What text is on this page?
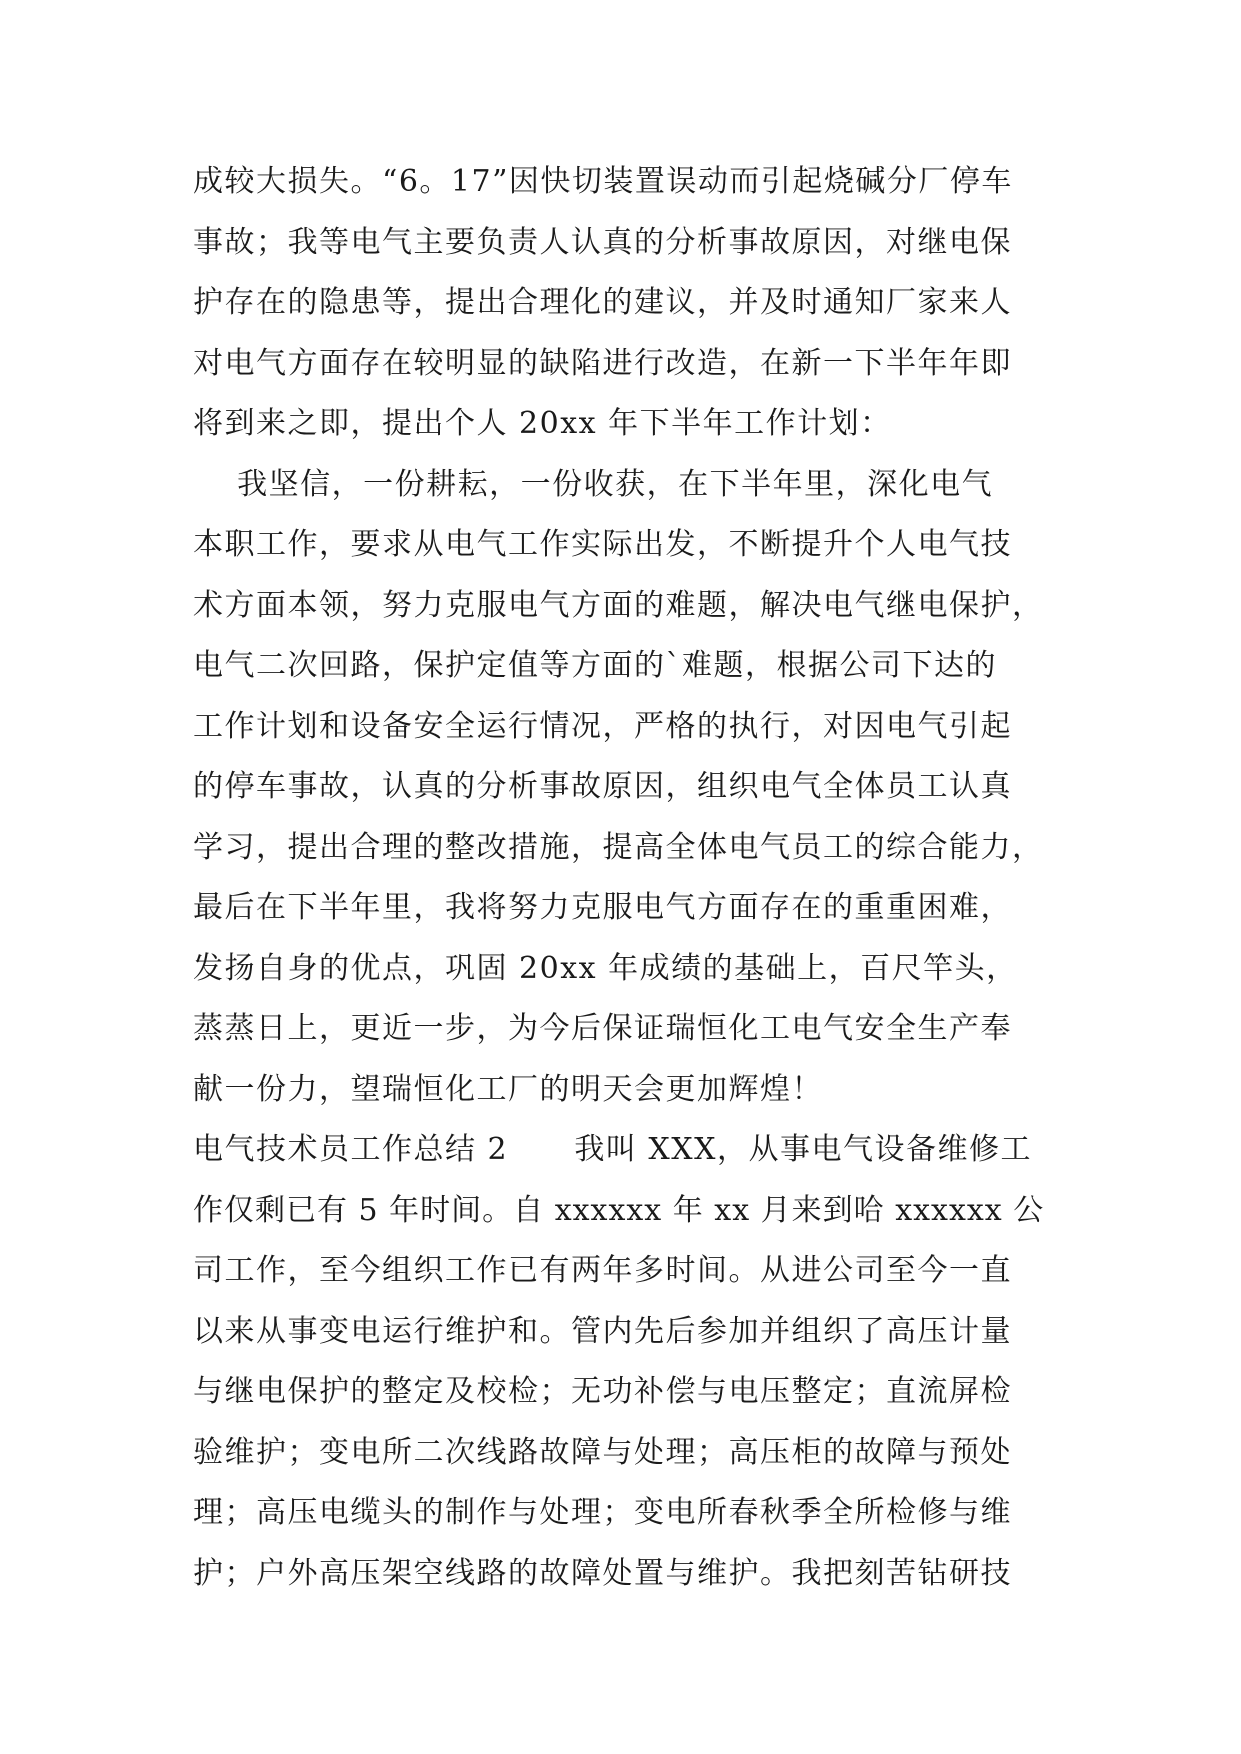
成较大损失。“6。17”因快切装置误动而引起烧碱分厂停车
事故；我等电气主要负责人认真的分析事故原因，对继电保
护存在的隐患等，提出合理化的建议，并及时通知厂家来人
对电气方面存在较明显的缺陷进行改造，在新一下半年年即
将到来之即，提出个人 20xx 年下半年工作计划：
我坚信，一份耕耘，一份收获，在下半年里，深化电气
本职工作，要求从电气工作实际出发，不断提升个人电气技
术方面本领，努力克服电气方面的难题，解决电气继电保护，
电气二次回路，保护定值等方面的`难题，根据公司下达的
工作计划和设备安全运行情况，严格的执行，对因电气引起
的停车事故，认真的分析事故原因，组织电气全体员工认真
学习，提出合理的整改措施，提高全体电气员工的综合能力，
最后在下半年里，我将努力克服电气方面存在的重重困难，
发扬自身的优点，巩固 20xx 年成绩的基础上，百尺竿头，
蒸蒸日上，更近一步，为今后保证瑞恒化工电气安全生产奉
献一份力，望瑞恒化工厂的明天会更加辉煌！
电气技术员工作总结 2      我叫 XXX，从事电气设备维修工
作仅剩已有 5 年时间。自 xxxxxx 年 xx 月来到哈 xxxxxx 公
司工作，至今组织工作已有两年多时间。从进公司至今一直
以来从事变电运行维护和。管内先后参加并组织了高压计量
与继电保护的整定及校检；无功补偿与电压整定；直流屏检
验维护；变电所二次线路故障与处理；高压柜的故障与预处
理；高压电缆头的制作与处理；变电所春秋季全所检修与维
护；户外高压架空线路的故障处置与维护。我把刻苦钻研技
